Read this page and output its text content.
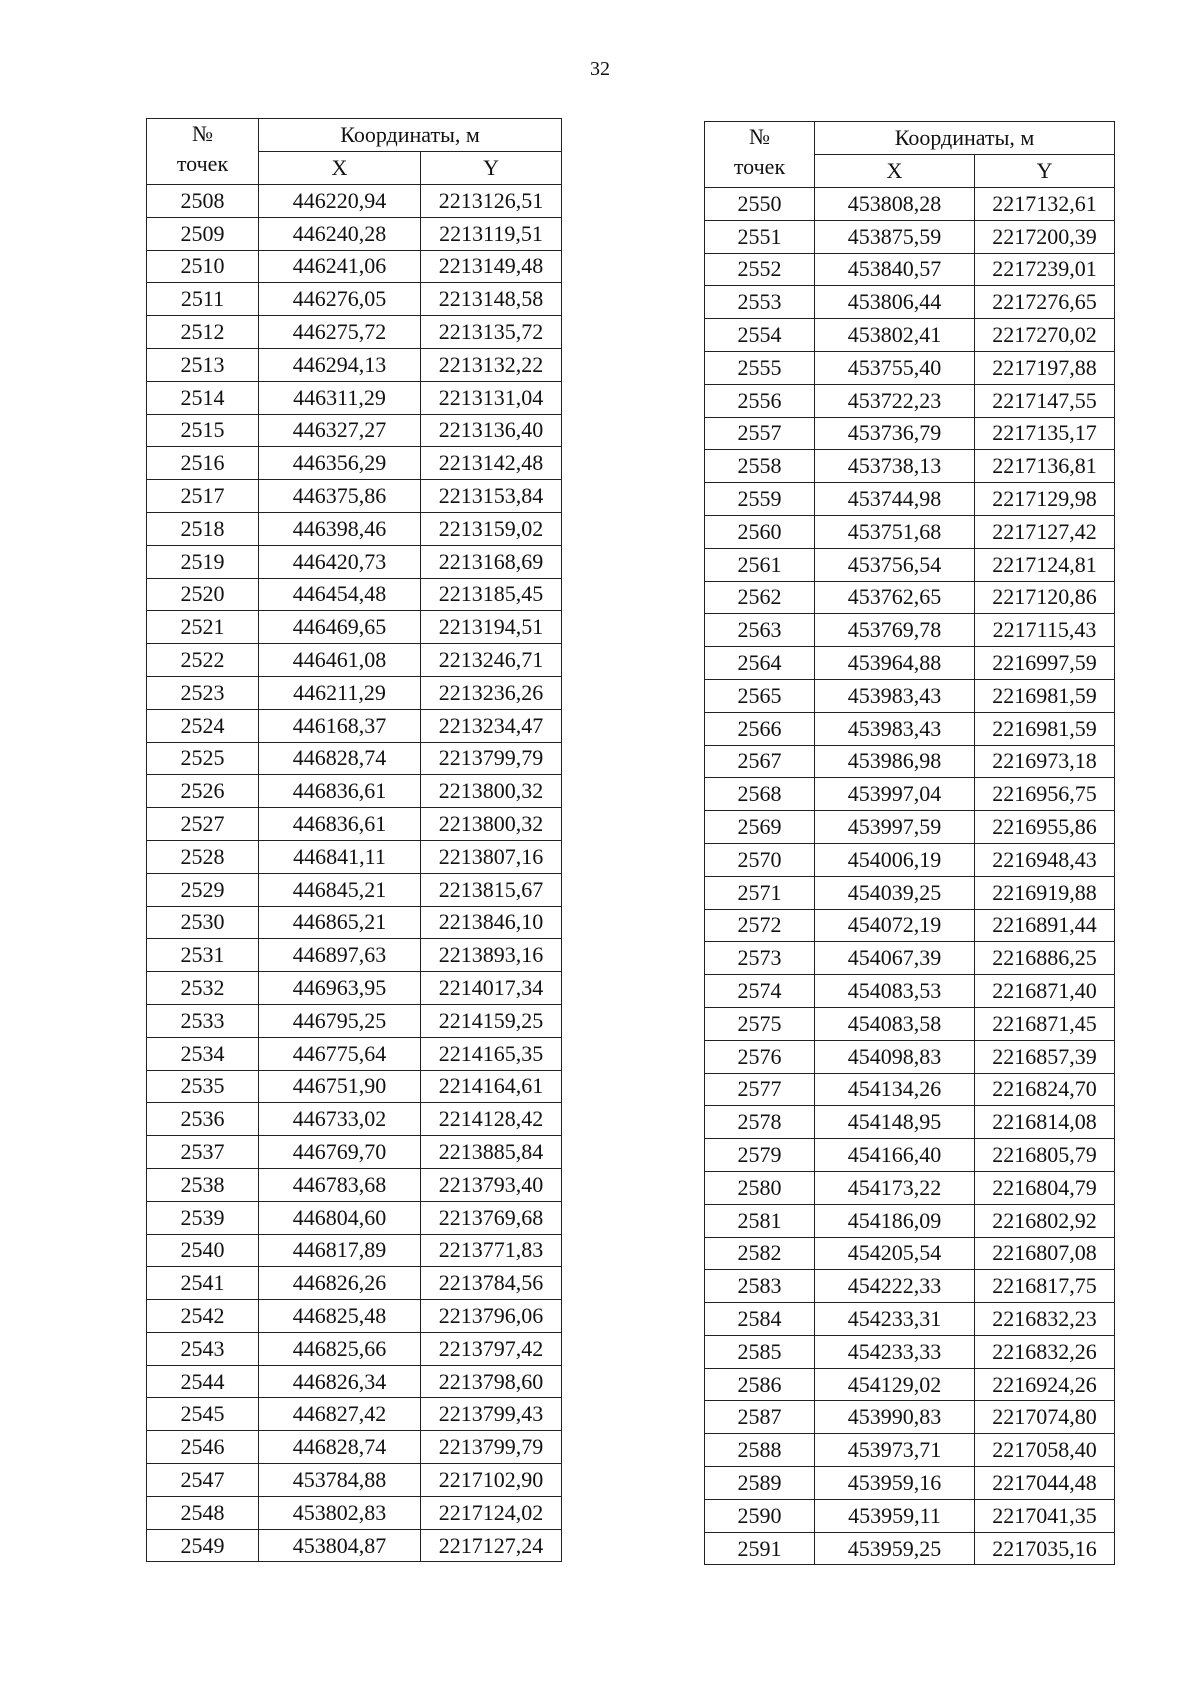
32
№
точек	Координаты, м	
	X	Y
2508	446220,94	2213126,51
2509	446240,28	2213119,51
2510	446241,06	2213149,48
2511	446276,05	2213148,58
2512	446275,72	2213135,72
2513	446294,13	2213132,22
2514	446311,29	2213131,04
2515	446327,27	2213136,40
2516	446356,29	2213142,48
2517	446375,86	2213153,84
2518	446398,46	2213159,02
2519	446420,73	2213168,69
2520	446454,48	2213185,45
2521	446469,65	2213194,51
2522	446461,08	2213246,71
2523	446211,29	2213236,26
2524	446168,37	2213234,47
2525	446828,74	2213799,79
2526	446836,61	2213800,32
2527	446836,61	2213800,32
2528	446841,11	2213807,16
2529	446845,21	2213815,67
2530	446865,21	2213846,10
2531	446897,63	2213893,16
2532	446963,95	2214017,34
2533	446795,25	2214159,25
2534	446775,64	2214165,35
2535	446751,90	2214164,61
2536	446733,02	2214128,42
2537	446769,70	2213885,84
2538	446783,68	2213793,40
2539	446804,60	2213769,68
2540	446817,89	2213771,83
2541	446826,26	2213784,56
2542	446825,48	2213796,06
2543	446825,66	2213797,42
2544	446826,34	2213798,60
2545	446827,42	2213799,43
2546	446828,74	2213799,79
2547	453784,88	2217102,90
2548	453802,83	2217124,02
2549	453804,87	2217127,24
№
точек	Координаты, м	
	X	Y
2550	453808,28	2217132,61
2551	453875,59	2217200,39
2552	453840,57	2217239,01
2553	453806,44	2217276,65
2554	453802,41	2217270,02
2555	453755,40	2217197,88
2556	453722,23	2217147,55
2557	453736,79	2217135,17
2558	453738,13	2217136,81
2559	453744,98	2217129,98
2560	453751,68	2217127,42
2561	453756,54	2217124,81
2562	453762,65	2217120,86
2563	453769,78	2217115,43
2564	453964,88	2216997,59
2565	453983,43	2216981,59
2566	453983,43	2216981,59
2567	453986,98	2216973,18
2568	453997,04	2216956,75
2569	453997,59	2216955,86
2570	454006,19	2216948,43
2571	454039,25	2216919,88
2572	454072,19	2216891,44
2573	454067,39	2216886,25
2574	454083,53	2216871,40
2575	454083,58	2216871,45
2576	454098,83	2216857,39
2577	454134,26	2216824,70
2578	454148,95	2216814,08
2579	454166,40	2216805,79
2580	454173,22	2216804,79
2581	454186,09	2216802,92
2582	454205,54	2216807,08
2583	454222,33	2216817,75
2584	454233,31	2216832,23
2585	454233,33	2216832,26
2586	454129,02	2216924,26
2587	453990,83	2217074,80
2588	453973,71	2217058,40
2589	453959,16	2217044,48
2590	453959,11	2217041,35
2591	453959,25	2217035,16
